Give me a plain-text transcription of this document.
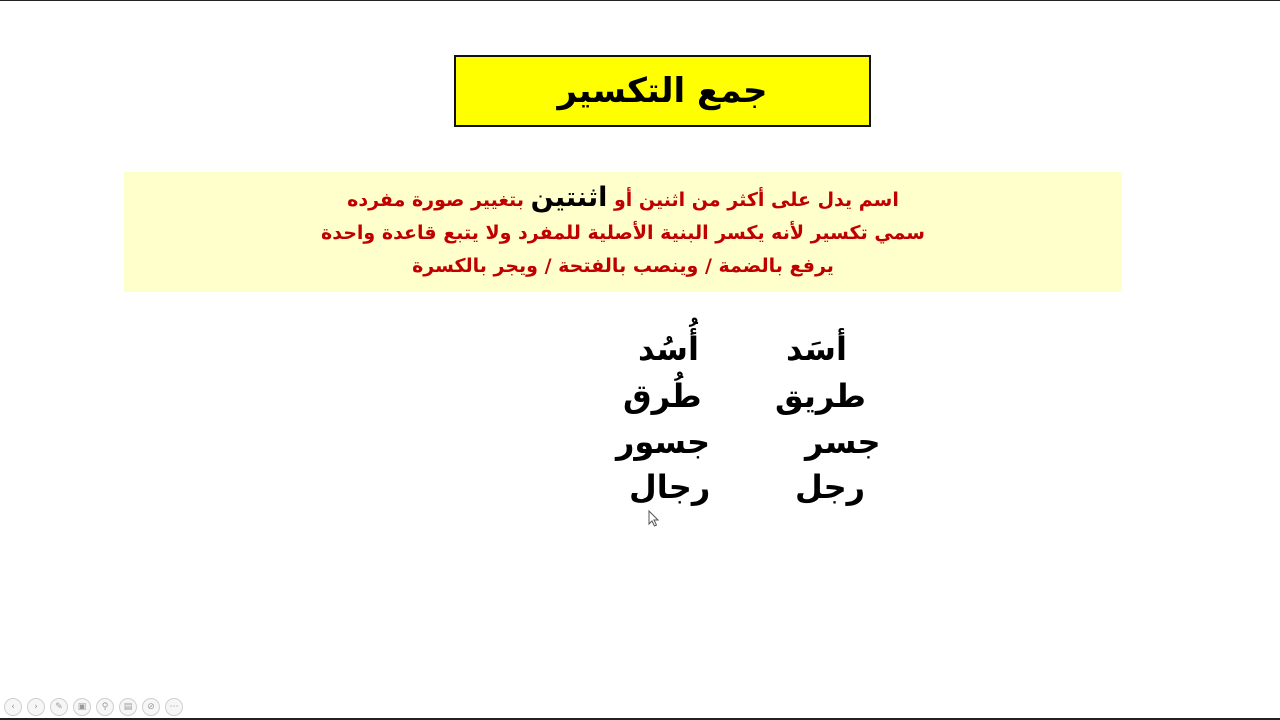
جمع التكسير
اسم يدل على أكثر من اثنين أو اثنتين بتغيير صورة مفرده
سمي تكسير لأنه يكسر البنية الأصلية للمفرد ولا يتبع قاعدة واحدة
يرفع بالضمة / وينصب بالفتحة / ويجر بالكسرة
أسَد
أُسُد
طريق
طُرق
جسر
جسور
رجل
رجال
‹ › ✎ ▣ ⚲ ▤ ⊘ ⋯
